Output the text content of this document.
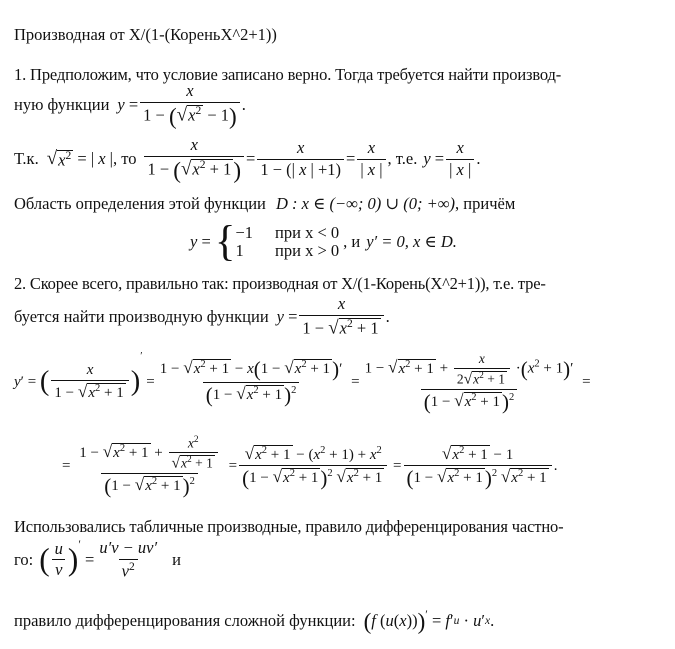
Производная от Х/(1-(КореньХ^2+1))
1. Предположим, что условие записано верно. Тогда требуется найти производ-
ную функции $y = \frac{x}{1 - (√x^2 - 1)}$ .
Т.к. √ $x^2$ = | x | , то $\frac{x}{1 - (√x^2 + 1)} = \frac{x}{1 - (| x | +1)} = \frac{x}{| x |}$ , т.е. $y = \frac{x}{| x |}$ .
Область определения этой функции D : x ∈ (−∞; 0) ∪ (0; +∞), причём
y = { −1 при x < 0
1	при x > 0 , и y′ = 0, x ∈ D.
2. Скорее всего, правильно так: производная от Х/(1-Корень(Х^2+1)), т.е. тре-
буется найти производную функции $y = \frac{x}{1 - √x^2 + 1}$ .
y ′ = ( $\frac{x}{1 - √x^2 + 1}$ )
′
= $\frac{1 - √x^2 + 1 - x(1 - √x^2 + 1)'}{(1 - √x^2 + 1)^2} = \frac{1 - √x^2 + 1 + \frac{x}{2√x^2 + 1} \cdot(x^2 + 1)'}{(1 - √x^2 + 1)^2}$ =
= $\frac{1 - √x^2 + 1 + \frac{x^2}{√x^2 + 1}}{(1 - √x^2 + 1)^2} = \frac{√x^2 + 1 - (x^2 + 1) + x^2}{(1 - √x^2 + 1)^2 √x^2 + 1} = \frac{√x^2 + 1 - 1}{(1 - √x^2 + 1)^2 √x^2 + 1}$ .
Использовались табличные производные, правило дифференцирования частно-
го: ( $\frac{u}{v} )'$
= $\frac{u'v - uv'}{v^2}$ и
правило дифференцирования сложной функции: ( f ( u ( x )) )′ = f ′ u · u ′ x .
